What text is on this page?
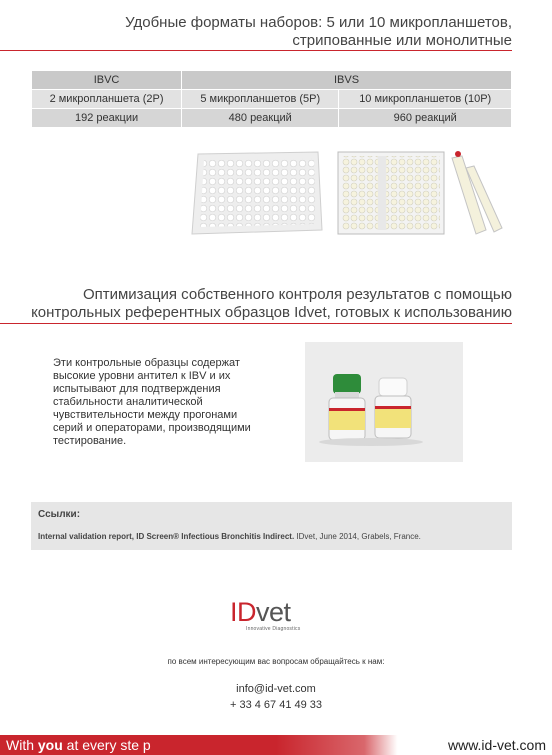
Удобные форматы наборов: 5 или 10 микропланшетов,
стрипованные или монолитные
IBVC	IBVS	
2 микропланшета (2P)	5 микропланшетов (5P)	10 микропланшетов (10P)
192 реакции	480 реакций	960 реакций
Оптимизация собственного контроля результатов с помощью
контрольных референтных образцов Idvet, готовых к использованию
Эти контрольные образцы содержат
высокие уровни антител к IBV и их
испытывают для подтверждения
стабильности аналитической
чувствительности между прогонами
серий и операторами, производящими
тестирование.
Ссылки:
Internal validation report, ID Screen® Infectious Bronchitis Indirect. IDvet, June 2014, Grabels, France.
IDvet
Innovative Diagnostics
по всем интересующим вас вопросам обращайтесь к нам:
info@id-vet.com
+ 33 4 67 41 49 33
With you at every ste p	www.id-vet.com
